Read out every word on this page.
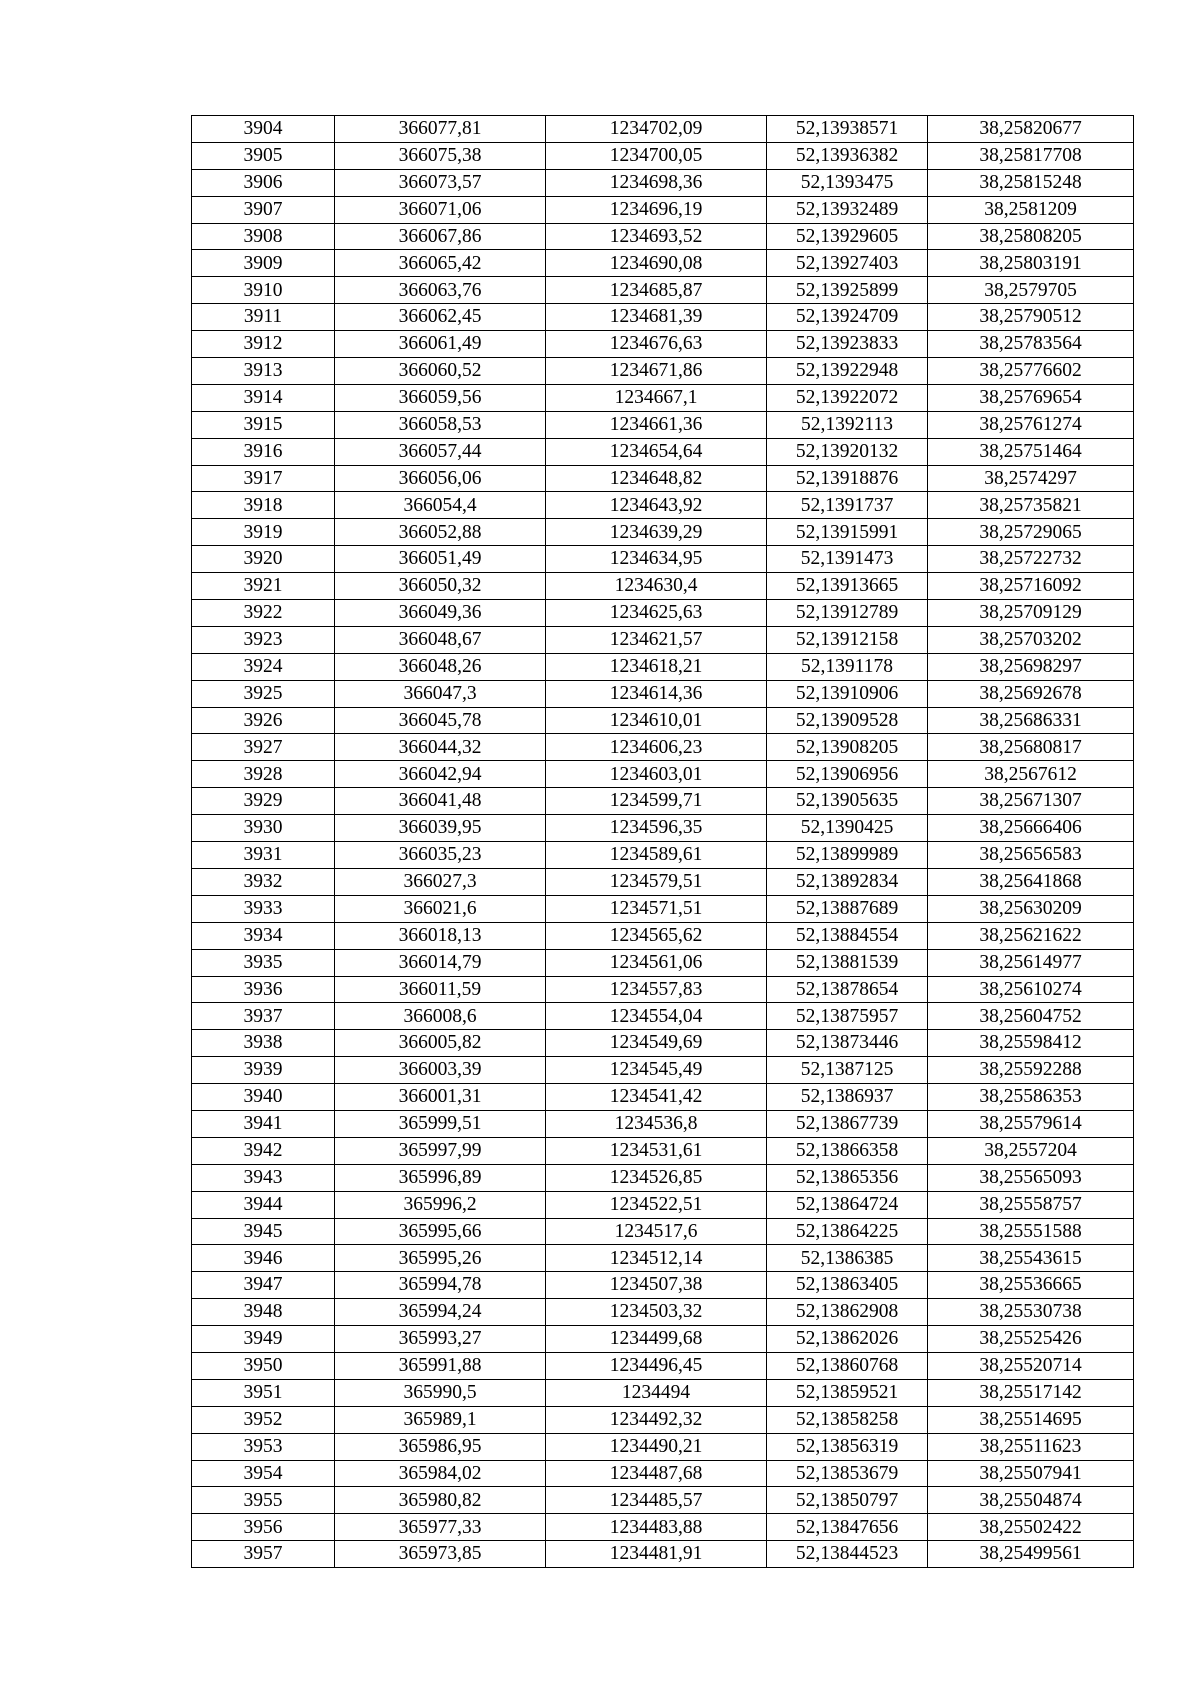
3904	366077,81	1234702,09	52,13938571	38,25820677
3905	366075,38	1234700,05	52,13936382	38,25817708
3906	366073,57	1234698,36	52,1393475	38,25815248
3907	366071,06	1234696,19	52,13932489	38,2581209
3908	366067,86	1234693,52	52,13929605	38,25808205
3909	366065,42	1234690,08	52,13927403	38,25803191
3910	366063,76	1234685,87	52,13925899	38,2579705
3911	366062,45	1234681,39	52,13924709	38,25790512
3912	366061,49	1234676,63	52,13923833	38,25783564
3913	366060,52	1234671,86	52,13922948	38,25776602
3914	366059,56	1234667,1	52,13922072	38,25769654
3915	366058,53	1234661,36	52,1392113	38,25761274
3916	366057,44	1234654,64	52,13920132	38,25751464
3917	366056,06	1234648,82	52,13918876	38,2574297
3918	366054,4	1234643,92	52,1391737	38,25735821
3919	366052,88	1234639,29	52,13915991	38,25729065
3920	366051,49	1234634,95	52,1391473	38,25722732
3921	366050,32	1234630,4	52,13913665	38,25716092
3922	366049,36	1234625,63	52,13912789	38,25709129
3923	366048,67	1234621,57	52,13912158	38,25703202
3924	366048,26	1234618,21	52,1391178	38,25698297
3925	366047,3	1234614,36	52,13910906	38,25692678
3926	366045,78	1234610,01	52,13909528	38,25686331
3927	366044,32	1234606,23	52,13908205	38,25680817
3928	366042,94	1234603,01	52,13906956	38,2567612
3929	366041,48	1234599,71	52,13905635	38,25671307
3930	366039,95	1234596,35	52,1390425	38,25666406
3931	366035,23	1234589,61	52,13899989	38,25656583
3932	366027,3	1234579,51	52,13892834	38,25641868
3933	366021,6	1234571,51	52,13887689	38,25630209
3934	366018,13	1234565,62	52,13884554	38,25621622
3935	366014,79	1234561,06	52,13881539	38,25614977
3936	366011,59	1234557,83	52,13878654	38,25610274
3937	366008,6	1234554,04	52,13875957	38,25604752
3938	366005,82	1234549,69	52,13873446	38,25598412
3939	366003,39	1234545,49	52,1387125	38,25592288
3940	366001,31	1234541,42	52,1386937	38,25586353
3941	365999,51	1234536,8	52,13867739	38,25579614
3942	365997,99	1234531,61	52,13866358	38,2557204
3943	365996,89	1234526,85	52,13865356	38,25565093
3944	365996,2	1234522,51	52,13864724	38,25558757
3945	365995,66	1234517,6	52,13864225	38,25551588
3946	365995,26	1234512,14	52,1386385	38,25543615
3947	365994,78	1234507,38	52,13863405	38,25536665
3948	365994,24	1234503,32	52,13862908	38,25530738
3949	365993,27	1234499,68	52,13862026	38,25525426
3950	365991,88	1234496,45	52,13860768	38,25520714
3951	365990,5	1234494	52,13859521	38,25517142
3952	365989,1	1234492,32	52,13858258	38,25514695
3953	365986,95	1234490,21	52,13856319	38,25511623
3954	365984,02	1234487,68	52,13853679	38,25507941
3955	365980,82	1234485,57	52,13850797	38,25504874
3956	365977,33	1234483,88	52,13847656	38,25502422
3957	365973,85	1234481,91	52,13844523	38,25499561
